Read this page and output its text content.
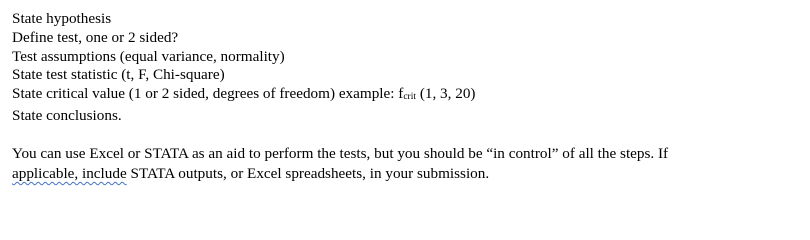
State hypothesis
Define test, one or 2 sided?
Test assumptions (equal variance, normality)
State test statistic (t, F, Chi-square)
State critical value (1 or 2 sided, degrees of freedom) example: fcrit (1, 3, 20)
State conclusions.

You can use Excel or STATA as an aid to perform the tests, but you should be “in control” of all the steps. If
applicable, include STATA outputs, or Excel spreadsheets, in your submission.
